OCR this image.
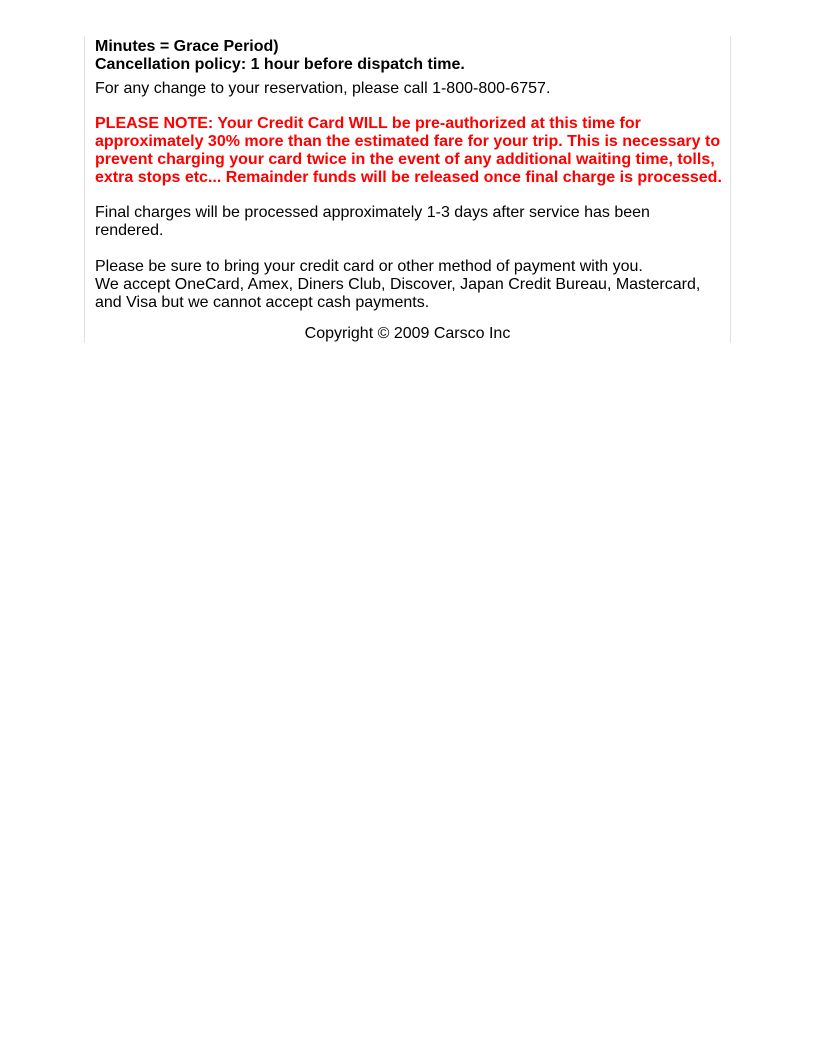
Minutes = Grace Period)
Cancellation policy: 1 hour before dispatch time.
For any change to your reservation, please call 1-800-800-6757.
PLEASE NOTE: Your Credit Card WILL be pre-authorized at this time for
approximately 30% more than the estimated fare for your trip. This is necessary to
prevent charging your card twice in the event of any additional waiting time, tolls,
extra stops etc... Remainder funds will be released once final charge is processed.
Final charges will be processed approximately 1-3 days after service has been
rendered.
Please be sure to bring your credit card or other method of payment with you.
We accept OneCard, Amex, Diners Club, Discover, Japan Credit Bureau, Mastercard,
and Visa but we cannot accept cash payments.
Copyright © 2009 Carsco Inc
